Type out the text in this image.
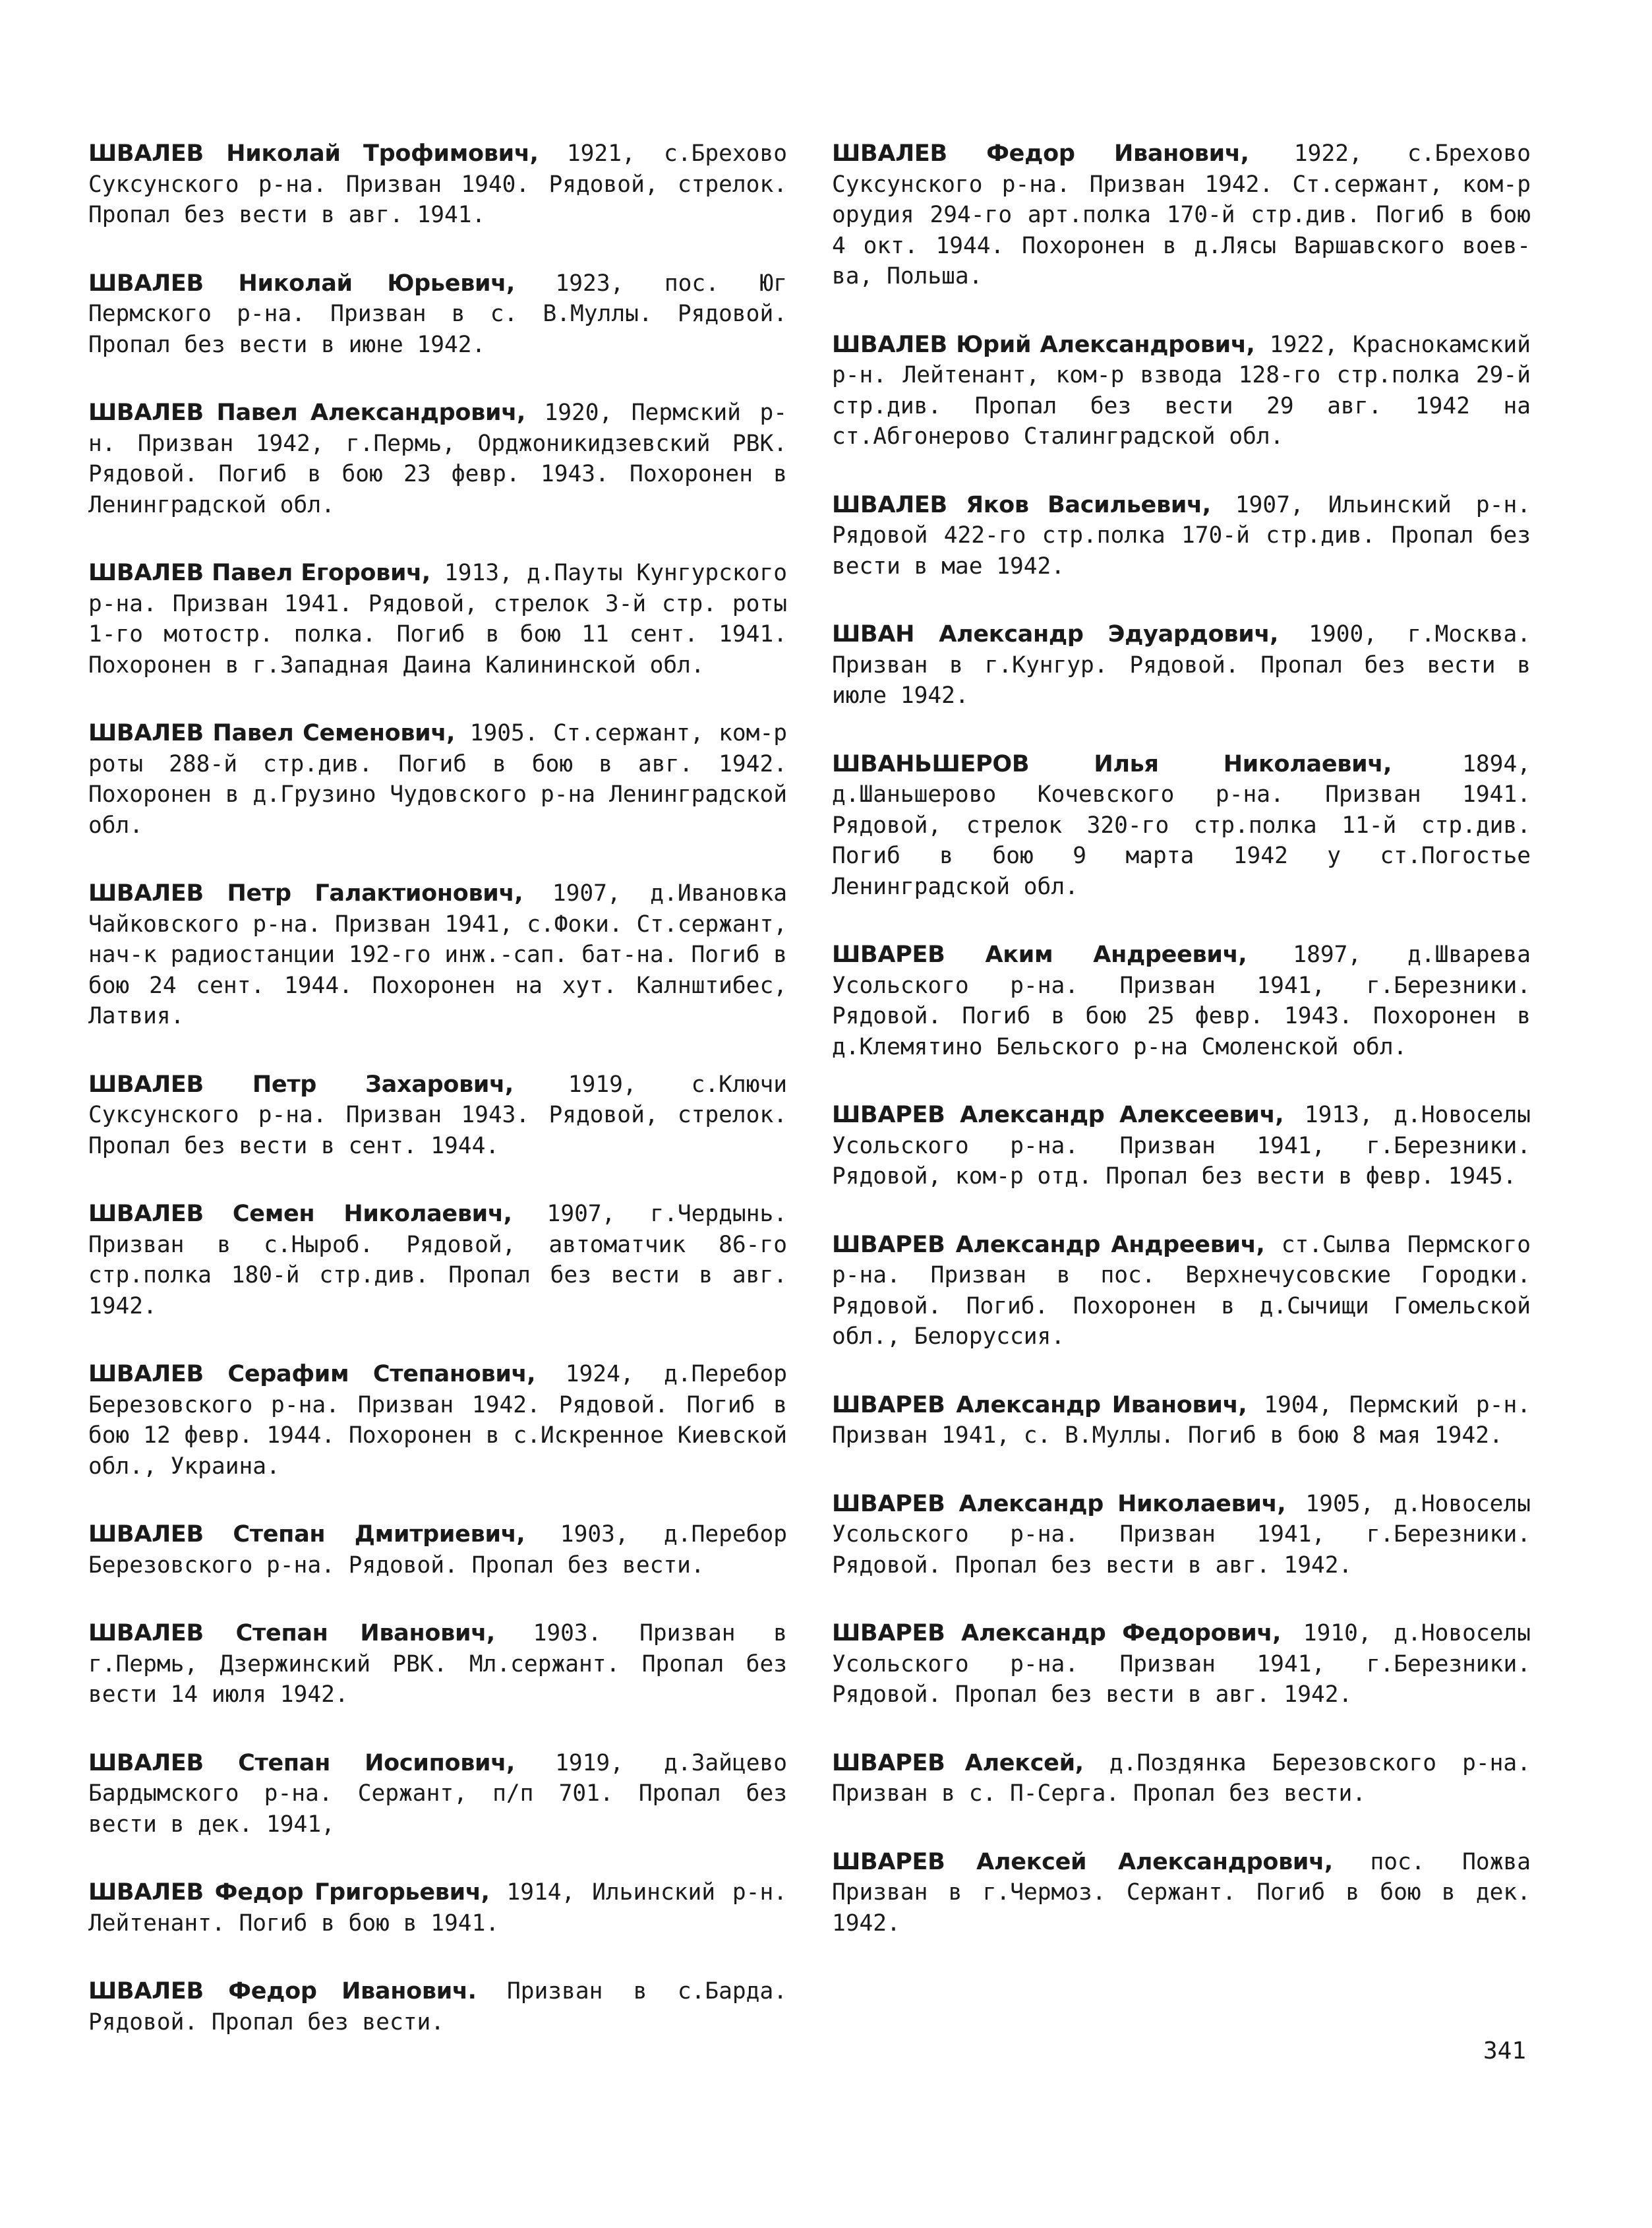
ШВАЛЕВ Николай Трофимович, 1921, с.Брехово Суксунского р-на. Призван 1940. Рядовой, стрелок. Пропал без вести в авг. 1941.

ШВАЛЕВ Николай Юрьевич, 1923, пос. Юг Пермского р-на. Призван в с. В.Муллы. Рядовой. Пропал без вести в июне 1942.

ШВАЛЕВ Павел Александрович, 1920, Пермский р-н. Призван 1942, г.Пермь, Орджоникидзевский РВК. Рядовой. Погиб в бою 23 февр. 1943. Похоронен в Ленинградской обл.

ШВАЛЕВ Павел Егорович, 1913, д.Пауты Кунгурского р-на. Призван 1941. Рядовой, стрелок 3-й стр. роты 1-го мотостр. полка. Погиб в бою 11 сент. 1941. Похоронен в г.Западная Даина Калининской обл.

ШВАЛЕВ Павел Семенович, 1905. Ст.сержант, ком-р роты 288-й стр.див. Погиб в бою в авг. 1942. Похоронен в д.Грузино Чудовского р-на Ленинградской обл.

ШВАЛЕВ Петр Галактионович, 1907, д.Ивановка Чайковского р-на. Призван 1941, с.Фоки. Ст.сержант, нач-к радиостанции 192-го инж.-сап. бат-на. Погиб в бою 24 сент. 1944. Похоронен на хут. Калнштибес, Латвия.

ШВАЛЕВ Петр Захарович, 1919, с.Ключи Суксунского р-на. Призван 1943. Рядовой, стрелок. Пропал без вести в сент. 1944.

ШВАЛЕВ Семен Николаевич, 1907, г.Чердынь. Призван в с.Ныроб. Рядовой, автоматчик 86-го стр.полка 180-й стр.див. Пропал без вести в авг. 1942.

ШВАЛЕВ Серафим Степанович, 1924, д.Перебор Березовского р-на. Призван 1942. Рядовой. Погиб в бою 12 февр. 1944. Похоронен в с.Искренное Киевской обл., Украина.

ШВАЛЕВ Степан Дмитриевич, 1903, д.Перебор Березовского р-на. Рядовой. Пропал без вести.

ШВАЛЕВ Степан Иванович, 1903. Призван в г.Пермь, Дзержинский РВК. Мл.сержант. Пропал без вести 14 июля 1942.

ШВАЛЕВ Степан Иосипович, 1919, д.Зайцево Бардымского р-на. Сержант, п/п 701. Пропал без вести в дек. 1941,

ШВАЛЕВ Федор Григорьевич, 1914, Ильинский р-н. Лейтенант. Погиб в бою в 1941.

ШВАЛЕВ Федор Иванович. Призван в с.Барда. Рядовой. Пропал без вести.

ШВАЛЕВ Федор Иванович, 1922, с.Брехово Суксунского р-на. Призван 1942. Ст.сержант, ком-р орудия 294-го арт.полка 170-й стр.див. Погиб в бою 4 окт. 1944. Похоронен в д.Лясы Варшавского воев-ва, Польша.

ШВАЛЕВ Юрий Александрович, 1922, Краснокамский р-н. Лейтенант, ком-р взвода 128-го стр.полка 29-й стр.див. Пропал без вести 29 авг. 1942 на ст.Абгонерово Сталинградской обл.

ШВАЛЕВ Яков Васильевич, 1907, Ильинский р-н. Рядовой 422-го стр.полка 170-й стр.див. Пропал без вести в мае 1942.

ШВАН Александр Эдуардович, 1900, г.Москва. Призван в г.Кунгур. Рядовой. Пропал без вести в июле 1942.

ШВАНЬШЕРОВ Илья Николаевич,	1894, д.Шаньшерово Кочевского р-на. Призван 1941. Рядовой, стрелок 320-го стр.полка 11-й стр.див. Погиб в бою 9 марта 1942 у ст.Погостье Ленинградской обл.

ШВАРЕВ Аким Андреевич, 1897, д.Шварева Усольского р-на. Призван 1941, г.Березники. Рядовой. Погиб в бою 25 февр. 1943. Похоронен в д.Клемятино Бельского р-на Смоленской обл.

ШВАРЕВ Александр Алексеевич, 1913, д.Новоселы Усольского р-на. Призван 1941, г.Березники. Рядовой, ком-р отд. Пропал без вести в февр. 1945.

ШВАРЕВ Александр Андреевич, ст.Сылва Пермского р-на. Призван в пос. Верхнечусовские Городки. Рядовой. Погиб. Похоронен в д.Сычищи Гомельской обл., Белоруссия.

ШВАРЕВ Александр Иванович, 1904, Пермский р-н. Призван 1941, с. В.Муллы. Погиб в бою 8 мая 1942.

ШВАРЕВ Александр Николаевич, 1905, д.Новоселы Усольского р-на. Призван 1941, г.Березники. Рядовой. Пропал без вести в авг. 1942.

ШВАРЕВ Александр Федорович, 1910, д.Новоселы Усольского р-на. Призван 1941, г.Березники. Рядовой. Пропал без вести в авг. 1942.

ШВАРЕВ Алексей, д.Поздянка Березовского р-на. Призван в с. П-Серга. Пропал без вести.

ШВАРЕВ Алексей Александрович, пос. Пожва Призван в г.Чермоз. Сержант. Погиб в бою в дек. 1942.

341
